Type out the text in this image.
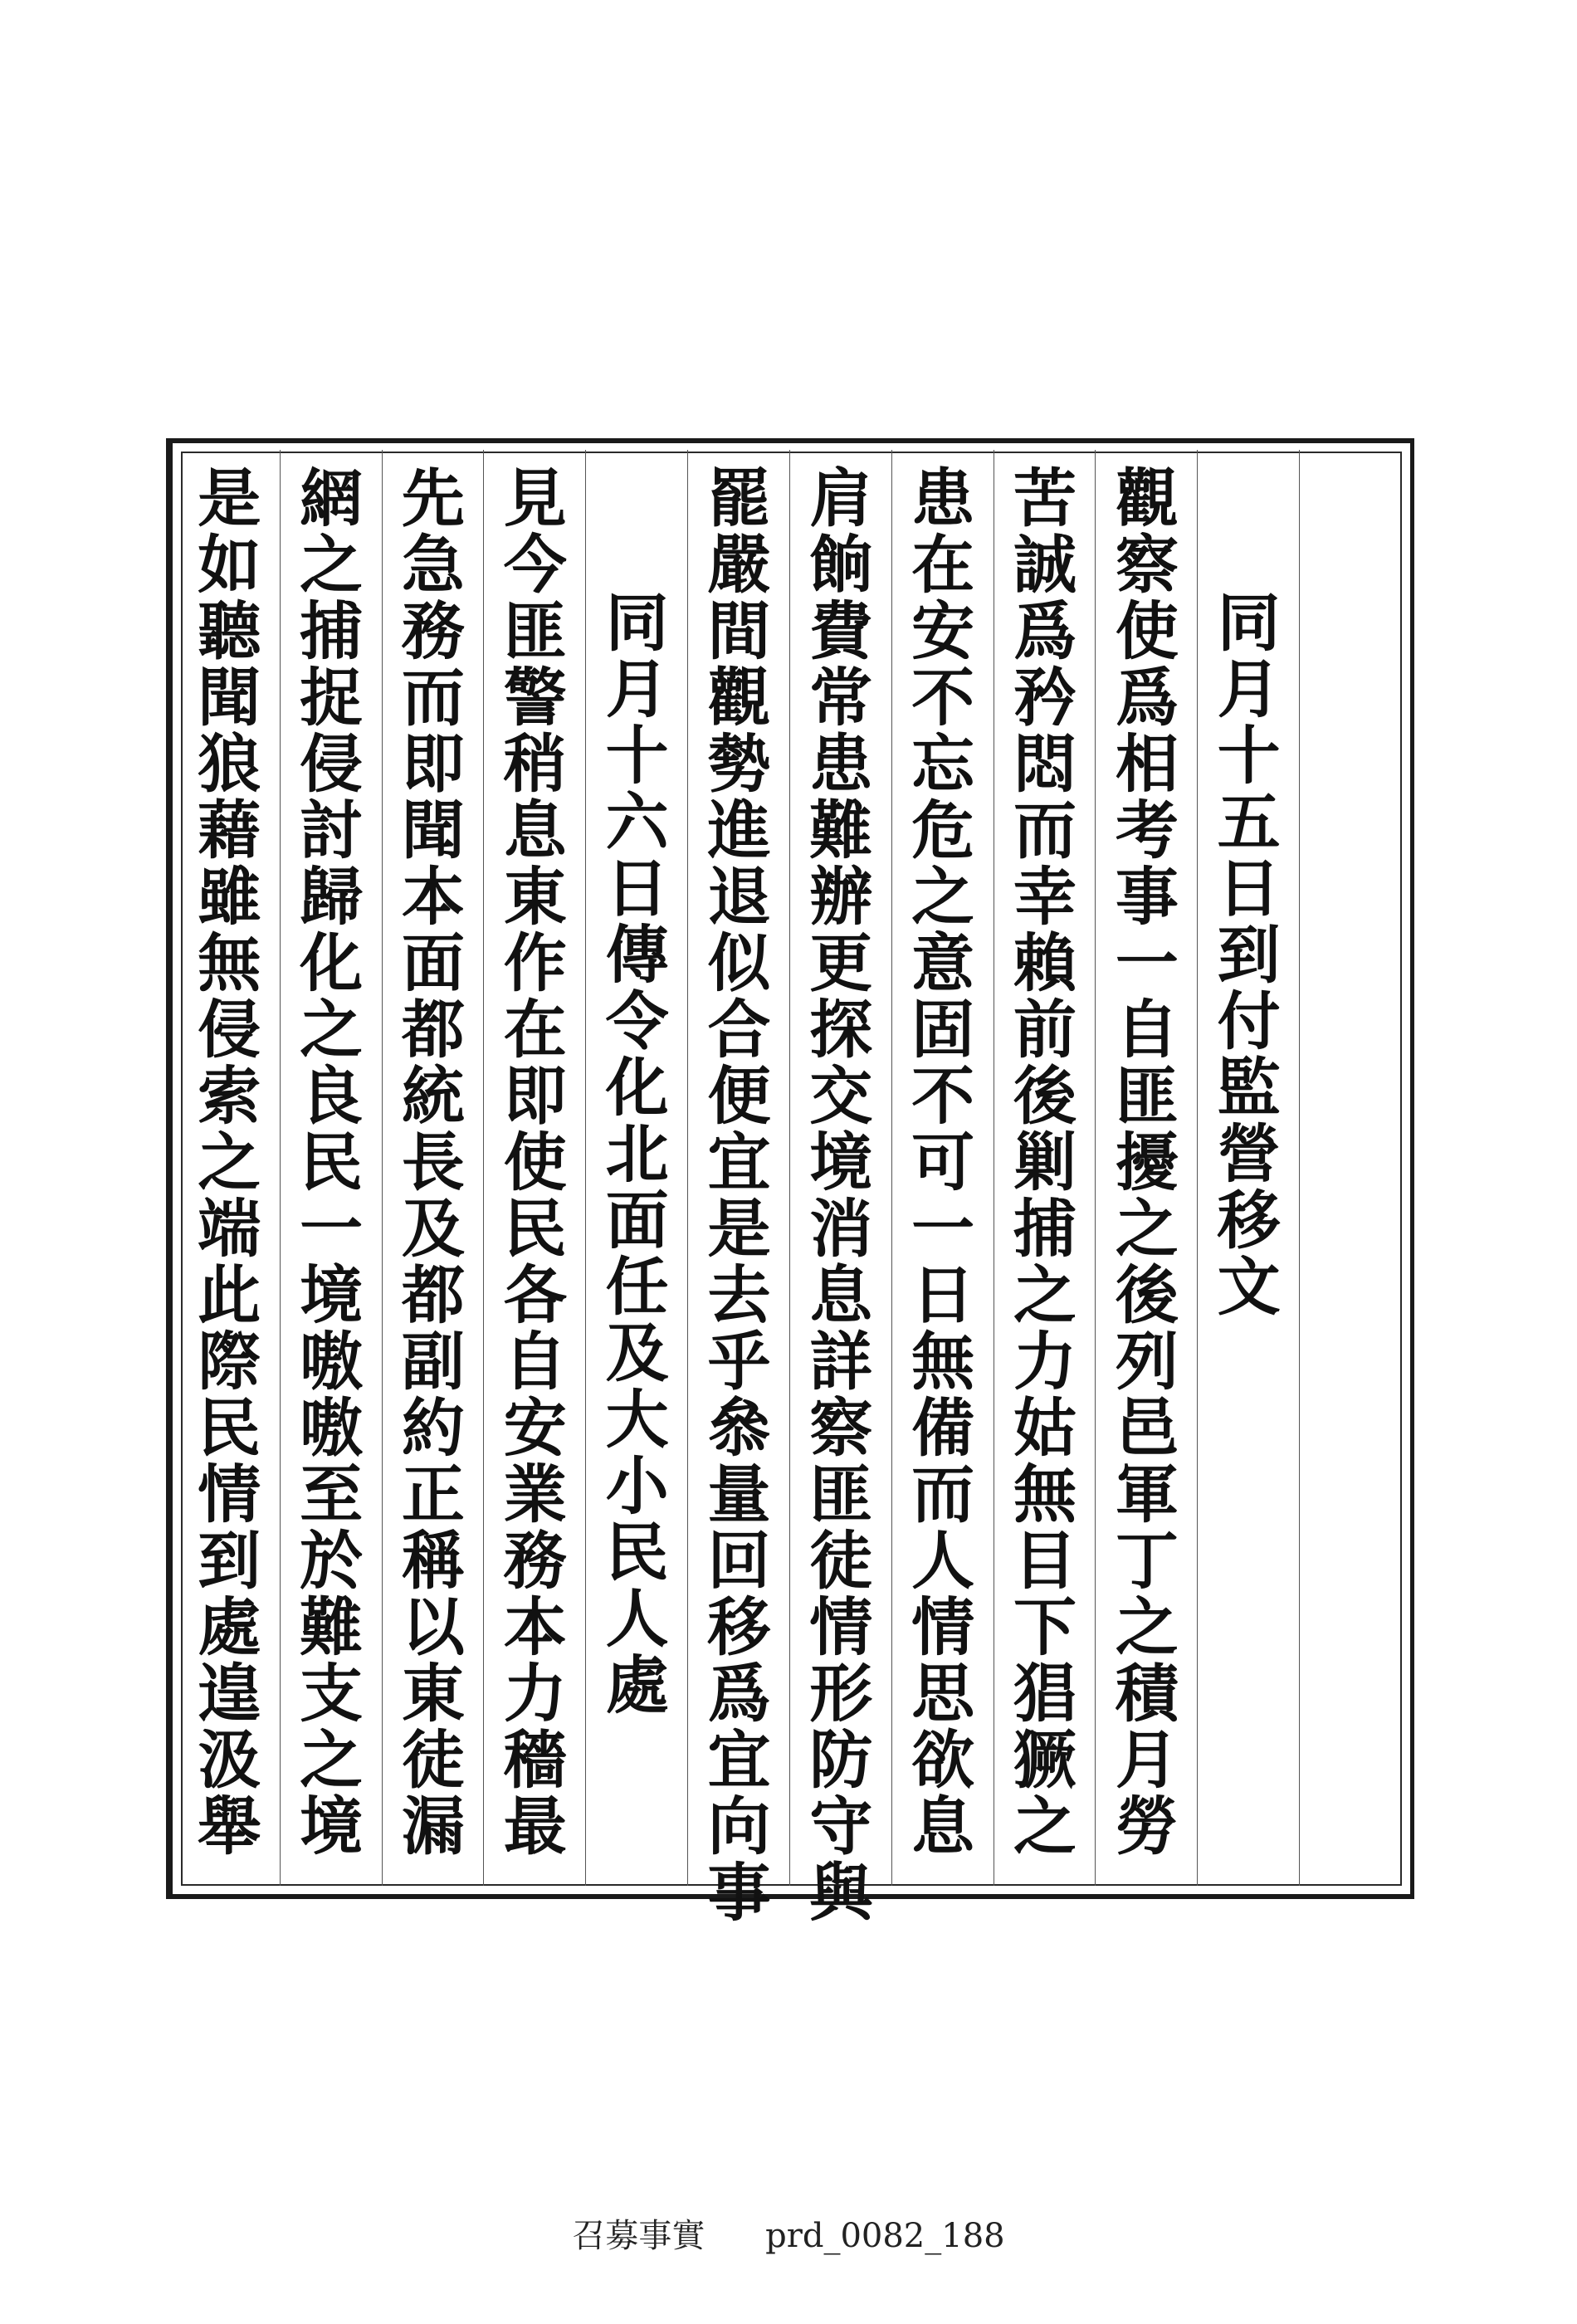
同月十五日到付監營移文
觀察使爲相考事一自匪擾之後列邑軍丁之積月勞
苦誠爲矜悶而幸賴前後剿捕之力姑無目下猖獗之
患在安不忘危之意固不可一日無備而人情思欲息
肩餉費常患難辦更探交境消息詳察匪徒情形防守與
罷嚴間觀勢進退似合便宜是去乎叅量回移爲宜向事
同月十六日傳令化北面任及大小民人處
見今匪警稍息東作在即使民各自安業務本力穡最
先急務而即聞本面都統長及都副約正稱以東徒漏
網之捕捉侵討歸化之良民一境嗷嗷至於難支之境
是如聽聞狼藉雖無侵索之端此際民情到處遑汲舉
召募事實 prd_0082_188
